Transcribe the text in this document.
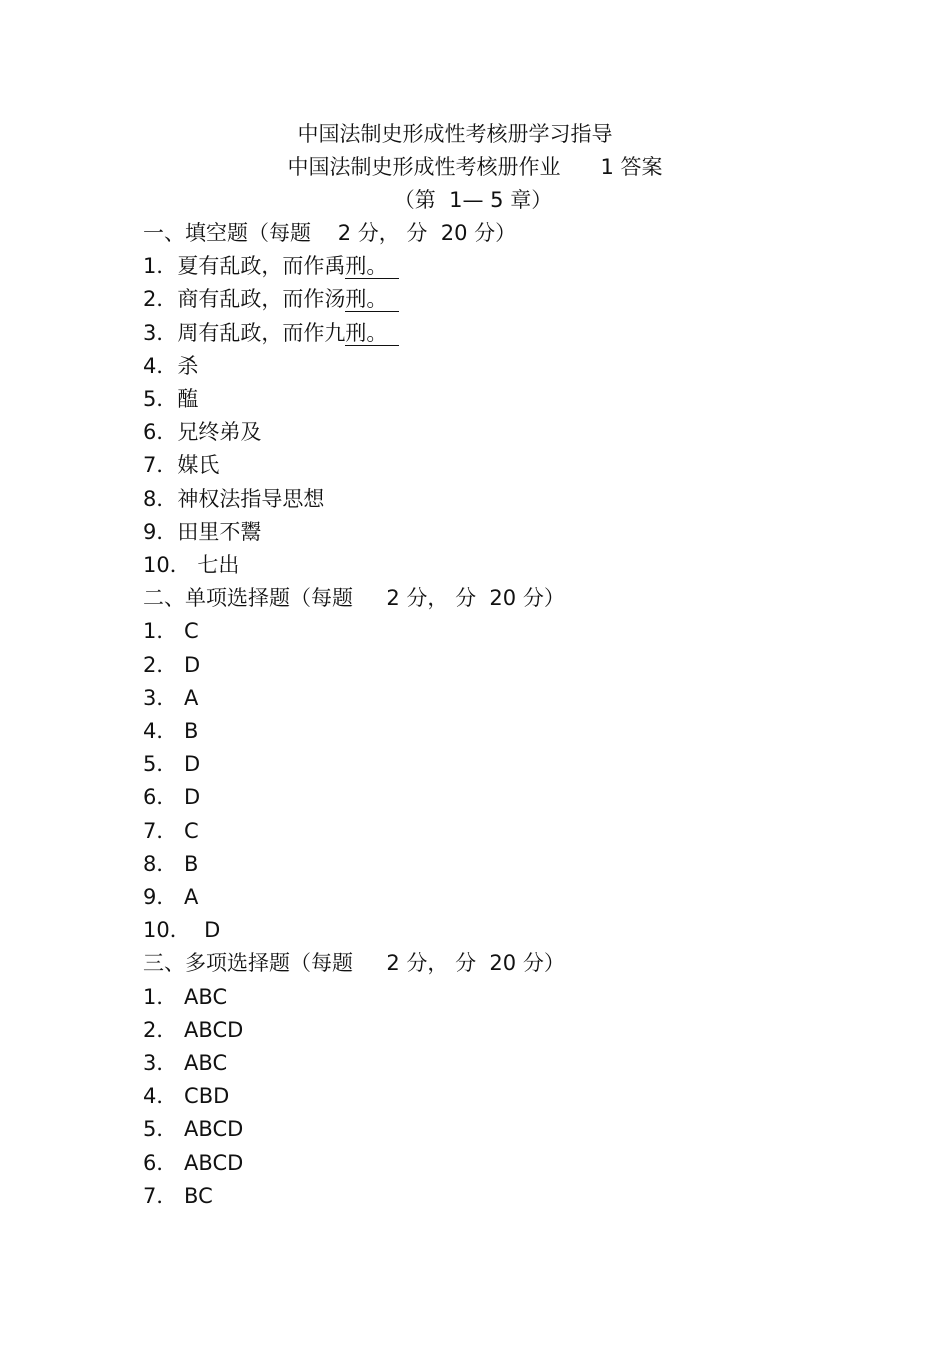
中国法制史形成性考核册学习指导
中国法制史形成性考核册作业      1 答案
（第  1— 5 章）
一、填空题（每题    2 分， 分  20 分）
1．夏有乱政，而作禹刑。
2．商有乱政，而作汤刑。
3．周有乱政，而作九刑。
4．杀
5．醢
6．兄终弟及
7．媒氏
8．神权法指导思想
9．田里不鬻
10． 七出
二、单项选择题（每题     2 分， 分  20 分）
1． C
2． D
3． A
4． B
5． D
6． D
7． C
8． B
9． A
10．  D
三、多项选择题（每题     2 分， 分  20 分）
1． ABC
2． ABCD
3． ABC
4． CBD
5． ABCD
6． ABCD
7． BC
